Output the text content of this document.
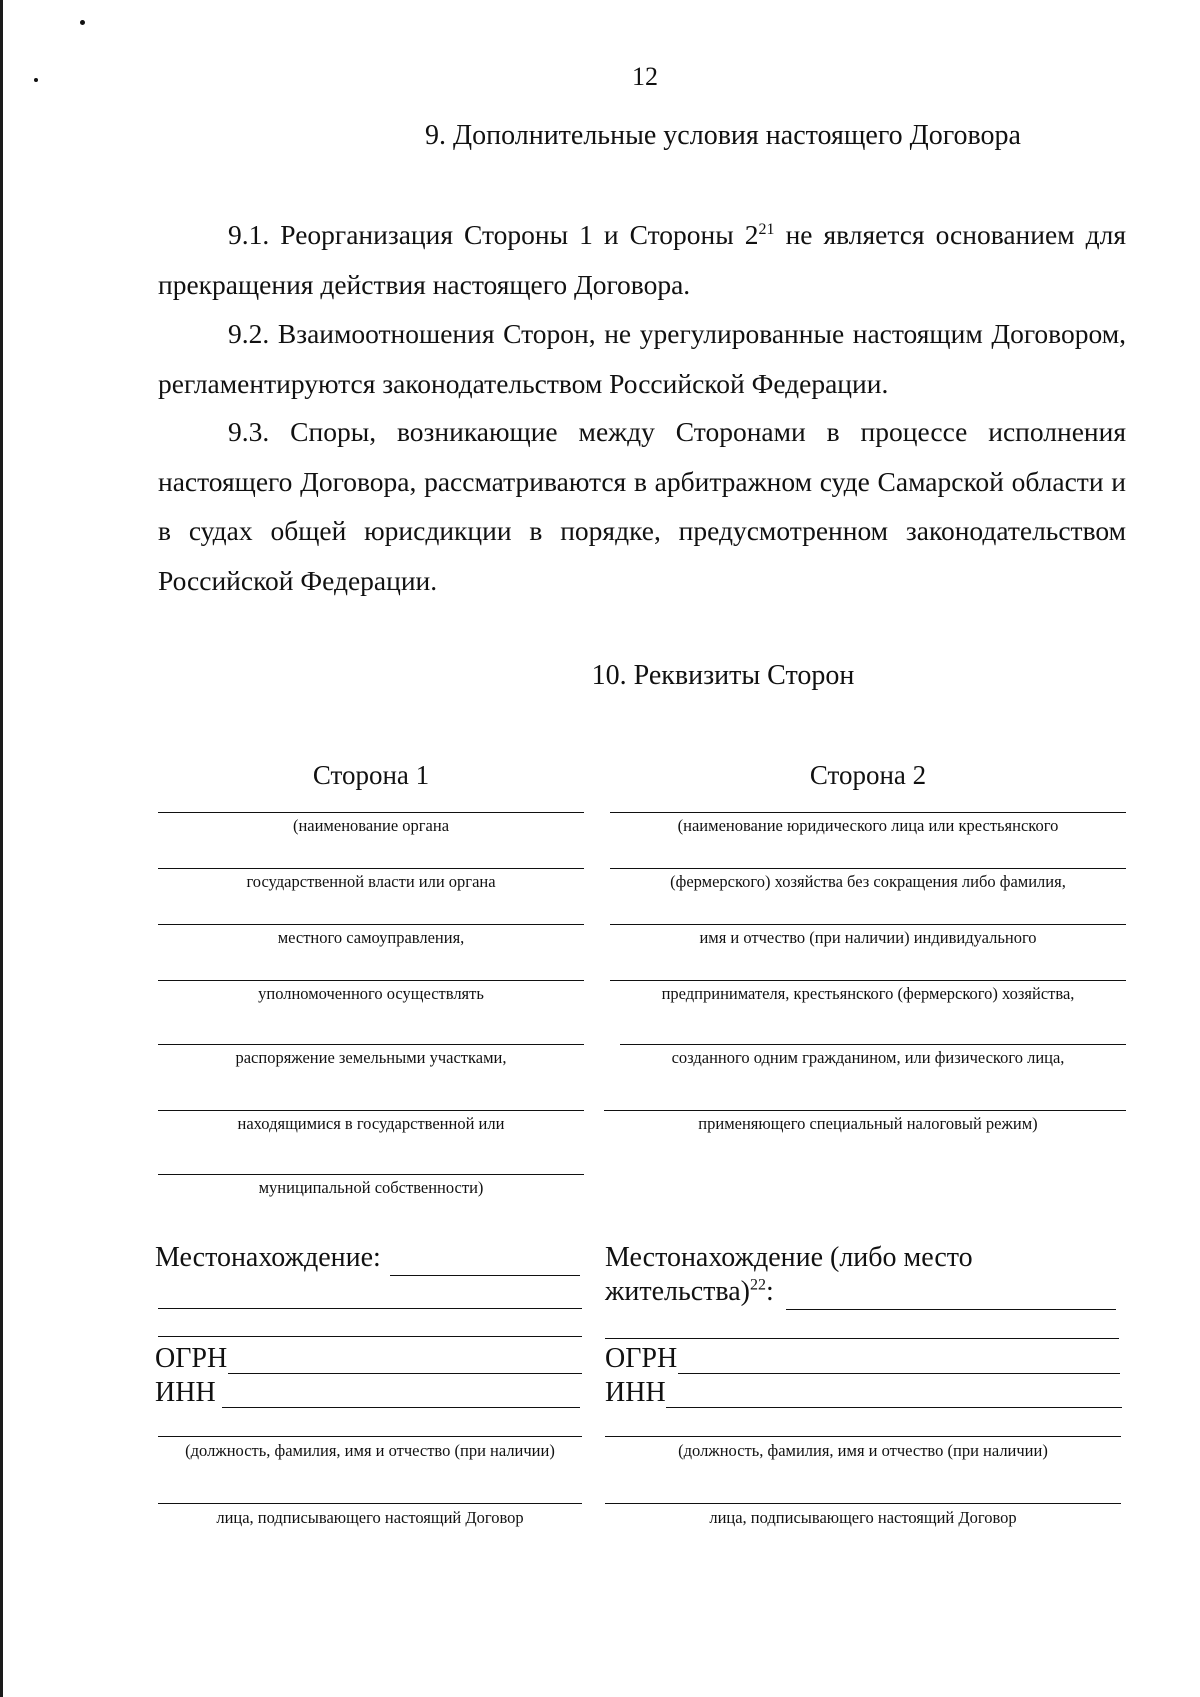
12
9. Дополнительные условия настоящего Договора

9.1. Реорганизация Стороны 1 и Стороны $2^{21}$ не является основанием для прекращения действия настоящего Договора.

9.2. Взаимоотношения Сторон, не урегулированные настоящим Договором, регламентируются законодательством Российской Федерации.

9.3. Споры, возникающие между Сторонами в процессе исполнения настоящего Договора, рассматриваются в арбитражном суде Самарской области и в судах общей юрисдикции в порядке, предусмотренном законодательством Российской Федерации.

10. Реквизиты Сторон
Сторона 1	Сторона 2
(наименование органа
государственной власти или органа
местного самоуправления,
уполномоченного осуществлять
распоряжение земельными участками,
находящимися в государственной или
муниципальной собственности)
(наименование юридического лица или крестьянского
(фермерского) хозяйства без сокращения либо фамилия,
имя и отчество (при наличии) индивидуального
предпринимателя, крестьянского (фермерского) хозяйства,
созданного одним гражданином, или физического лица,
применяющего специальный налоговый режим)
Местонахождение:	Местонахождение (либо место
жительства)$^{22}$:
ОГРН
ИНН
ОГРН
ИНН
(должность, фамилия, имя и отчество (при наличии)
лица, подписывающего настоящий Договор
(должность, фамилия, имя и отчество (при наличии)
лица, подписывающего настоящий Договор
